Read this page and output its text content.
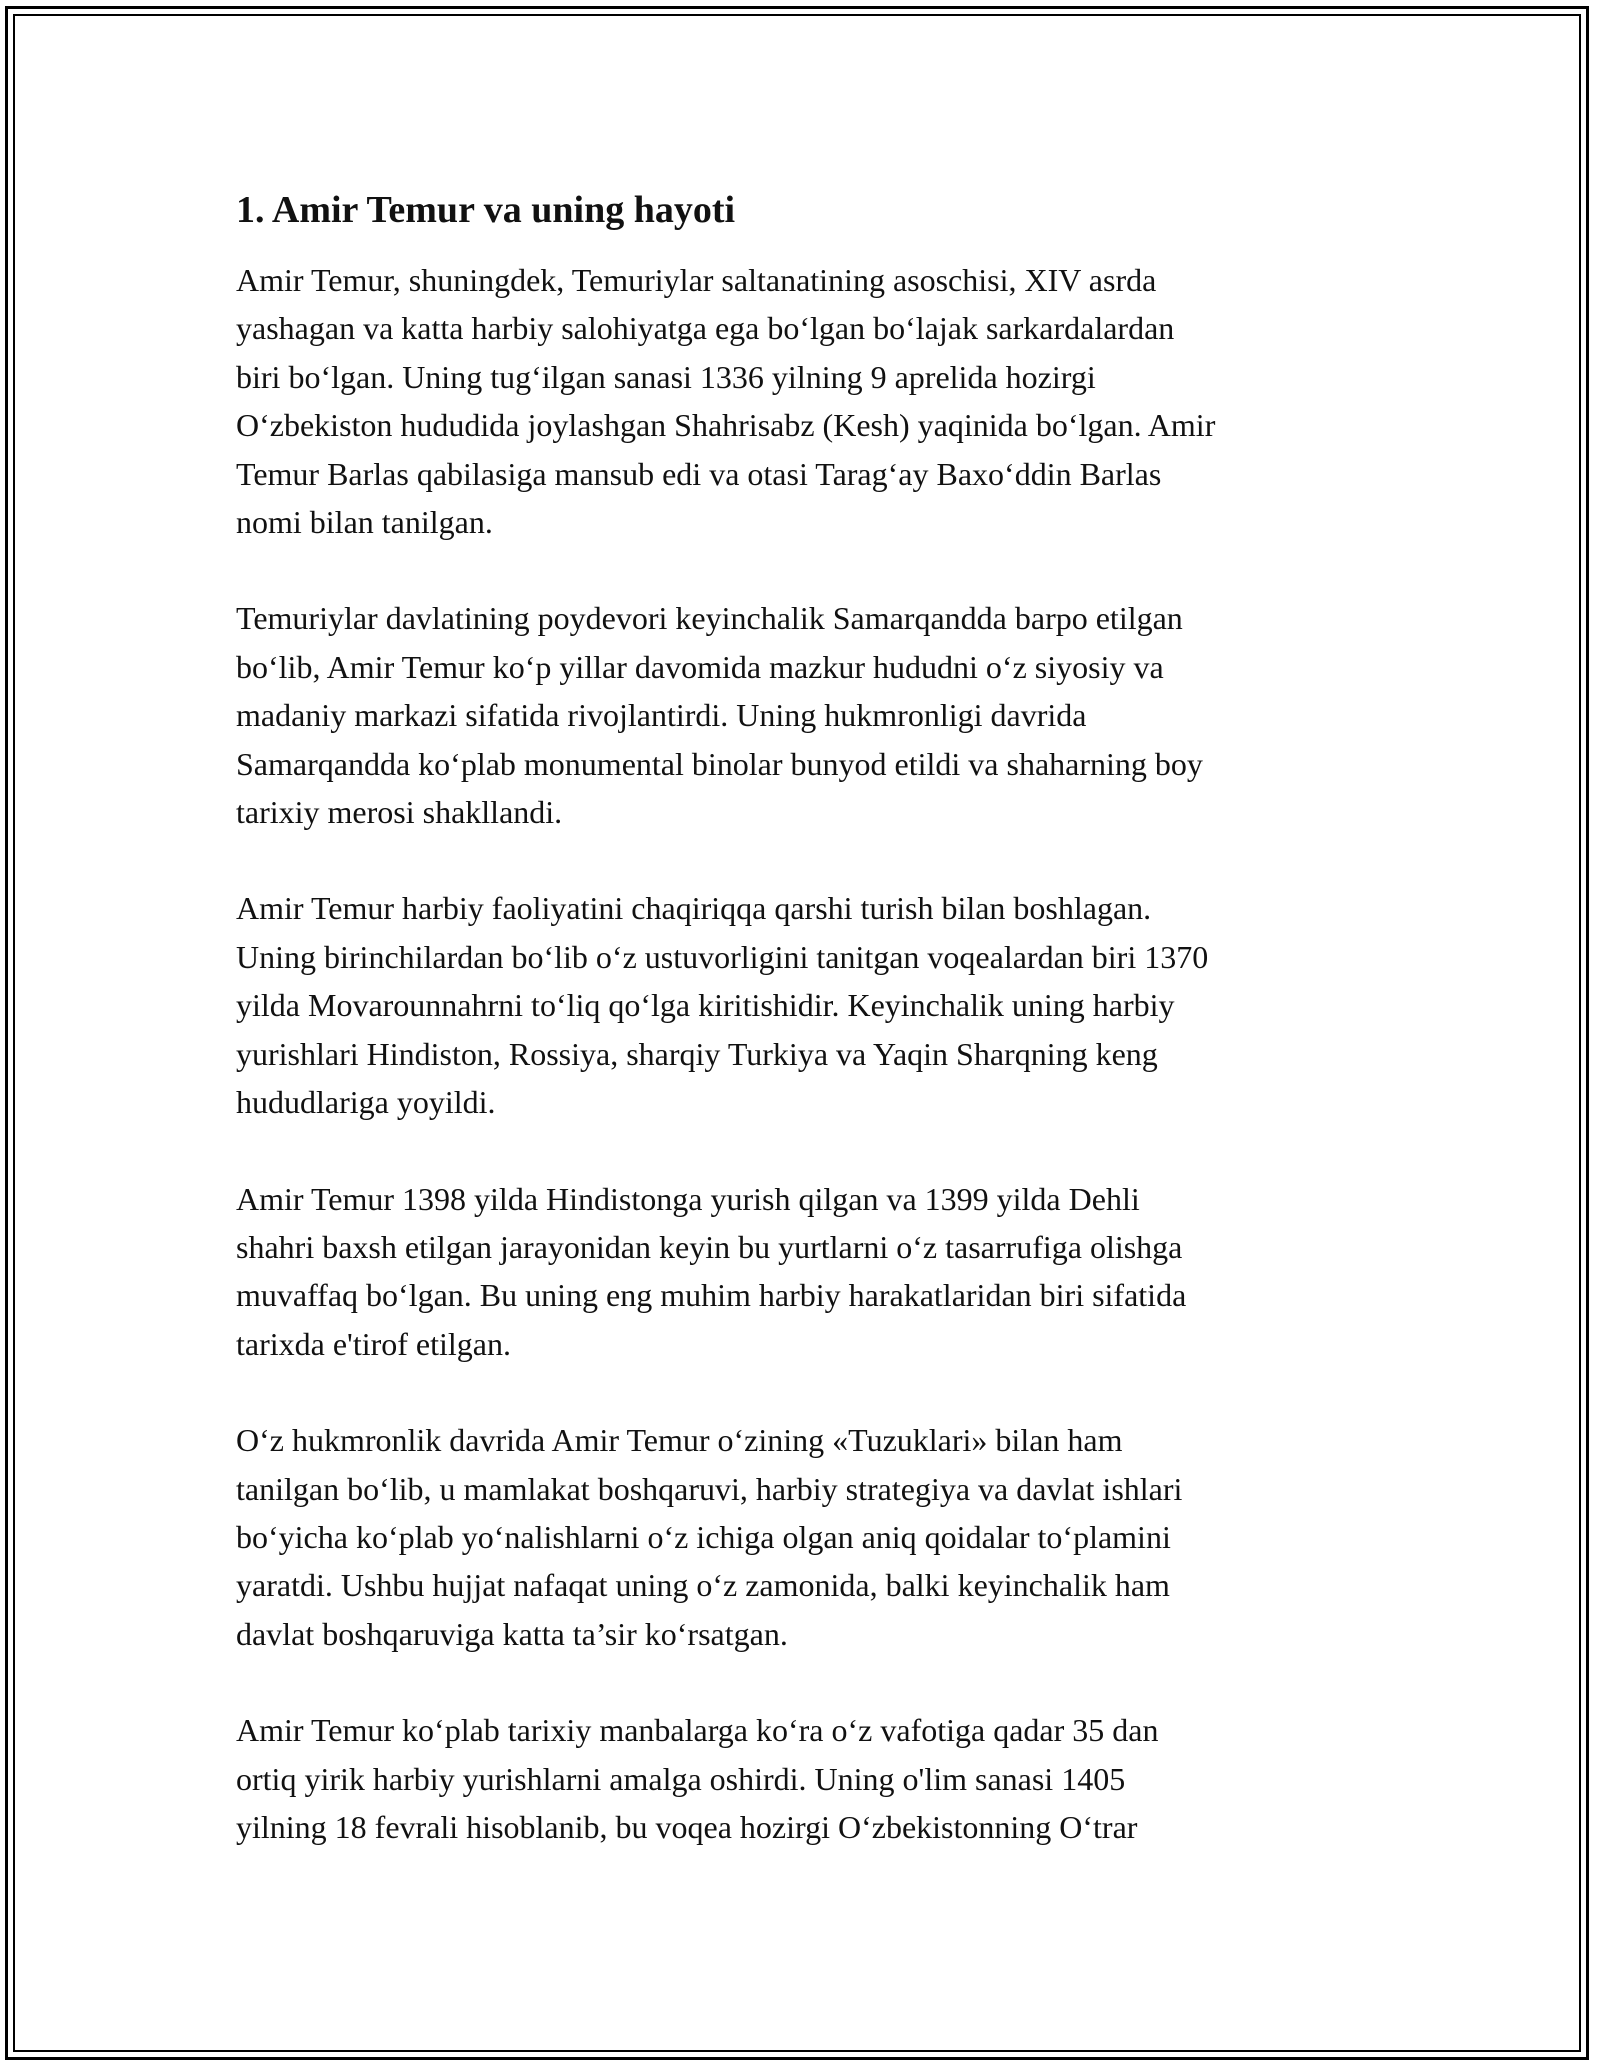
1. Amir Temur va uning hayoti

Amir Temur, shuningdek, Temuriylar saltanatining asoschisi, XIV asrda
yashagan va katta harbiy salohiyatga ega bo‘lgan bo‘lajak sarkardalardan
biri bo‘lgan. Uning tug‘ilgan sanasi 1336 yilning 9 aprelida hozirgi
O‘zbekiston hududida joylashgan Shahrisabz (Kesh) yaqinida bo‘lgan. Amir
Temur Barlas qabilasiga mansub edi va otasi Tarag‘ay Baxo‘ddin Barlas
nomi bilan tanilgan.

Temuriylar davlatining poydevori keyinchalik Samarqandda barpo etilgan
bo‘lib, Amir Temur ko‘p yillar davomida mazkur hududni o‘z siyosiy va
madaniy markazi sifatida rivojlantirdi. Uning hukmronligi davrida
Samarqandda ko‘plab monumental binolar bunyod etildi va shaharning boy
tarixiy merosi shakllandi.

Amir Temur harbiy faoliyatini chaqiriqqa qarshi turish bilan boshlagan.
Uning birinchilardan bo‘lib o‘z ustuvorligini tanitgan voqealardan biri 1370
yilda Movarounnahrni to‘liq qo‘lga kiritishidir. Keyinchalik uning harbiy
yurishlari Hindiston, Rossiya, sharqiy Turkiya va Yaqin Sharqning keng
hududlariga yoyildi.

Amir Temur 1398 yilda Hindistonga yurish qilgan va 1399 yilda Dehli
shahri baxsh etilgan jarayonidan keyin bu yurtlarni o‘z tasarrufiga olishga
muvaffaq bo‘lgan. Bu uning eng muhim harbiy harakatlaridan biri sifatida
tarixda e'tirof etilgan.

O‘z hukmronlik davrida Amir Temur o‘zining «Tuzuklari» bilan ham
tanilgan bo‘lib, u mamlakat boshqaruvi, harbiy strategiya va davlat ishlari
bo‘yicha ko‘plab yo‘nalishlarni o‘z ichiga olgan aniq qoidalar to‘plamini
yaratdi. Ushbu hujjat nafaqat uning o‘z zamonida, balki keyinchalik ham
davlat boshqaruviga katta ta’sir ko‘rsatgan.

Amir Temur ko‘plab tarixiy manbalarga ko‘ra o‘z vafotiga qadar 35 dan
ortiq yirik harbiy yurishlarni amalga oshirdi. Uning o'lim sanasi 1405
yilning 18 fevrali hisoblanib, bu voqea hozirgi O‘zbekistonning O‘trar
